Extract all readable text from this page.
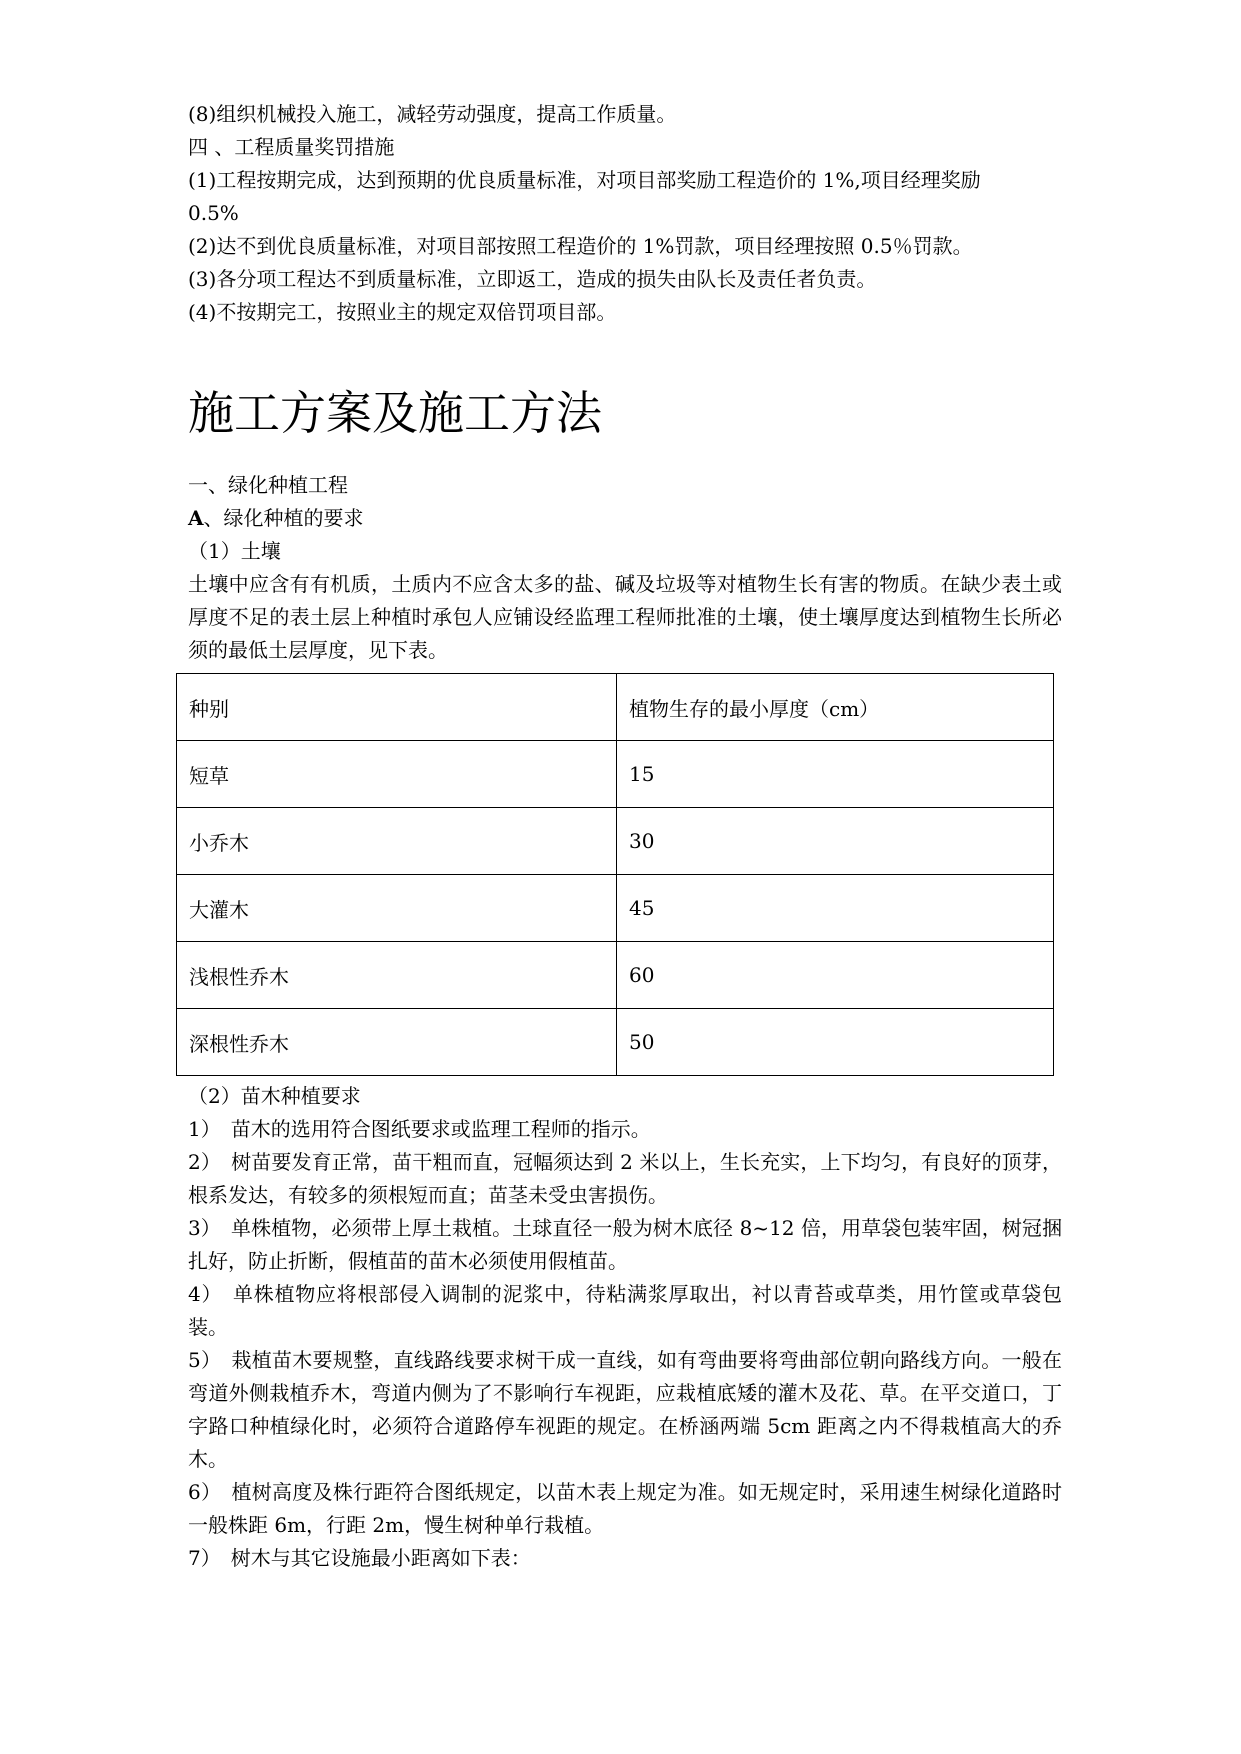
(8)组织机械投入施工，减轻劳动强度，提高工作质量。
四 、工程质量奖罚措施
(1)工程按期完成，达到预期的优良质量标准，对项目部奖励工程造价的 1%,项目经理奖励
0.5%
(2)达不到优良质量标准，对项目部按照工程造价的 1%罚款，项目经理按照 0.5％罚款。
(3)各分项工程达不到质量标准，立即返工，造成的损失由队长及责任者负责。
(4)不按期完工，按照业主的规定双倍罚项目部。
施工方案及施工方法
一、绿化种植工程
A、绿化种植的要求
（1）土壤
土壤中应含有有机质，土质内不应含太多的盐、碱及垃圾等对植物生长有害的物质。在缺少表土或厚度不足的表土层上种植时承包人应铺设经监理工程师批准的土壤，使土壤厚度达到植物生长所必须的最低土层厚度，见下表。
种别	植物生存的最小厚度（cm）
短草	15
小乔木	30
大灌木	45
浅根性乔木	60
深根性乔木	50
（2）苗木种植要求
1）　苗木的选用符合图纸要求或监理工程师的指示。
2）　树苗要发育正常，苗干粗而直，冠幅须达到 2 米以上，生长充实，上下均匀，有良好的顶芽，根系发达，有较多的须根短而直；苗茎未受虫害损伤。
3）　单株植物，必须带上厚土栽植。土球直径一般为树木底径 8~12 倍，用草袋包装牢固，树冠捆扎好，防止折断，假植苗的苗木必须使用假植苗。
4）　单株植物应将根部侵入调制的泥浆中，待粘满浆厚取出，衬以青苔或草类，用竹筐或草袋包装。
5）　栽植苗木要规整，直线路线要求树干成一直线，如有弯曲要将弯曲部位朝向路线方向。一般在弯道外侧栽植乔木，弯道内侧为了不影响行车视距，应栽植底矮的灌木及花、草。在平交道口，丁字路口种植绿化时，必须符合道路停车视距的规定。在桥涵两端 5cm 距离之内不得栽植高大的乔木。
6）　植树高度及株行距符合图纸规定，以苗木表上规定为准。如无规定时，采用速生树绿化道路时一般株距 6m，行距 2m，慢生树种单行栽植。
7）　树木与其它设施最小距离如下表：
